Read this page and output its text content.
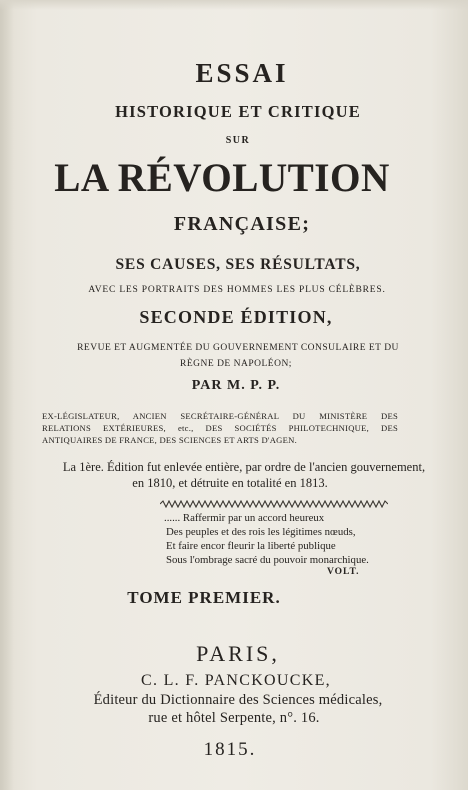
ESSAI

HISTORIQUE ET CRITIQUE

SUR

LA RÉVOLUTION

FRANÇAISE;

SES CAUSES, SES RÉSULTATS,

AVEC LES PORTRAITS DES HOMMES LES PLUS CÉLÈBRES.

SECONDE ÉDITION,

REVUE ET AUGMENTÉE DU GOUVERNEMENT CONSULAIRE ET DU

RÈGNE DE NAPOLÉON;

PAR M. P. P.

EX-LÉGISLATEUR, ANCIEN SECRÉTAIRE-GÉNÉRAL DU MINISTÈRE DES
RELATIONS EXTÉRIEURES, etc., DES SOCIÉTÉS PHILOTECHNIQUE, DES
ANTIQUAIRES DE FRANCE, DES SCIENCES ET ARTS D'AGEN.

La 1ère. Édition fut enlevée entière, par ordre de l'ancien gouvernement,

en 1810, et détruite en totalité en 1813.

...... Raffermir par un accord heureux

Des peuples et des rois les légitimes nœuds,

Et faire encor fleurir la liberté publique

Sous l'ombrage sacré du pouvoir monarchique.

VOLT.

TOME PREMIER.

PARIS,

C. L. F. PANCKOUCKE,

Éditeur du Dictionnaire des Sciences médicales,

rue et hôtel Serpente, n°. 16.

1815.
